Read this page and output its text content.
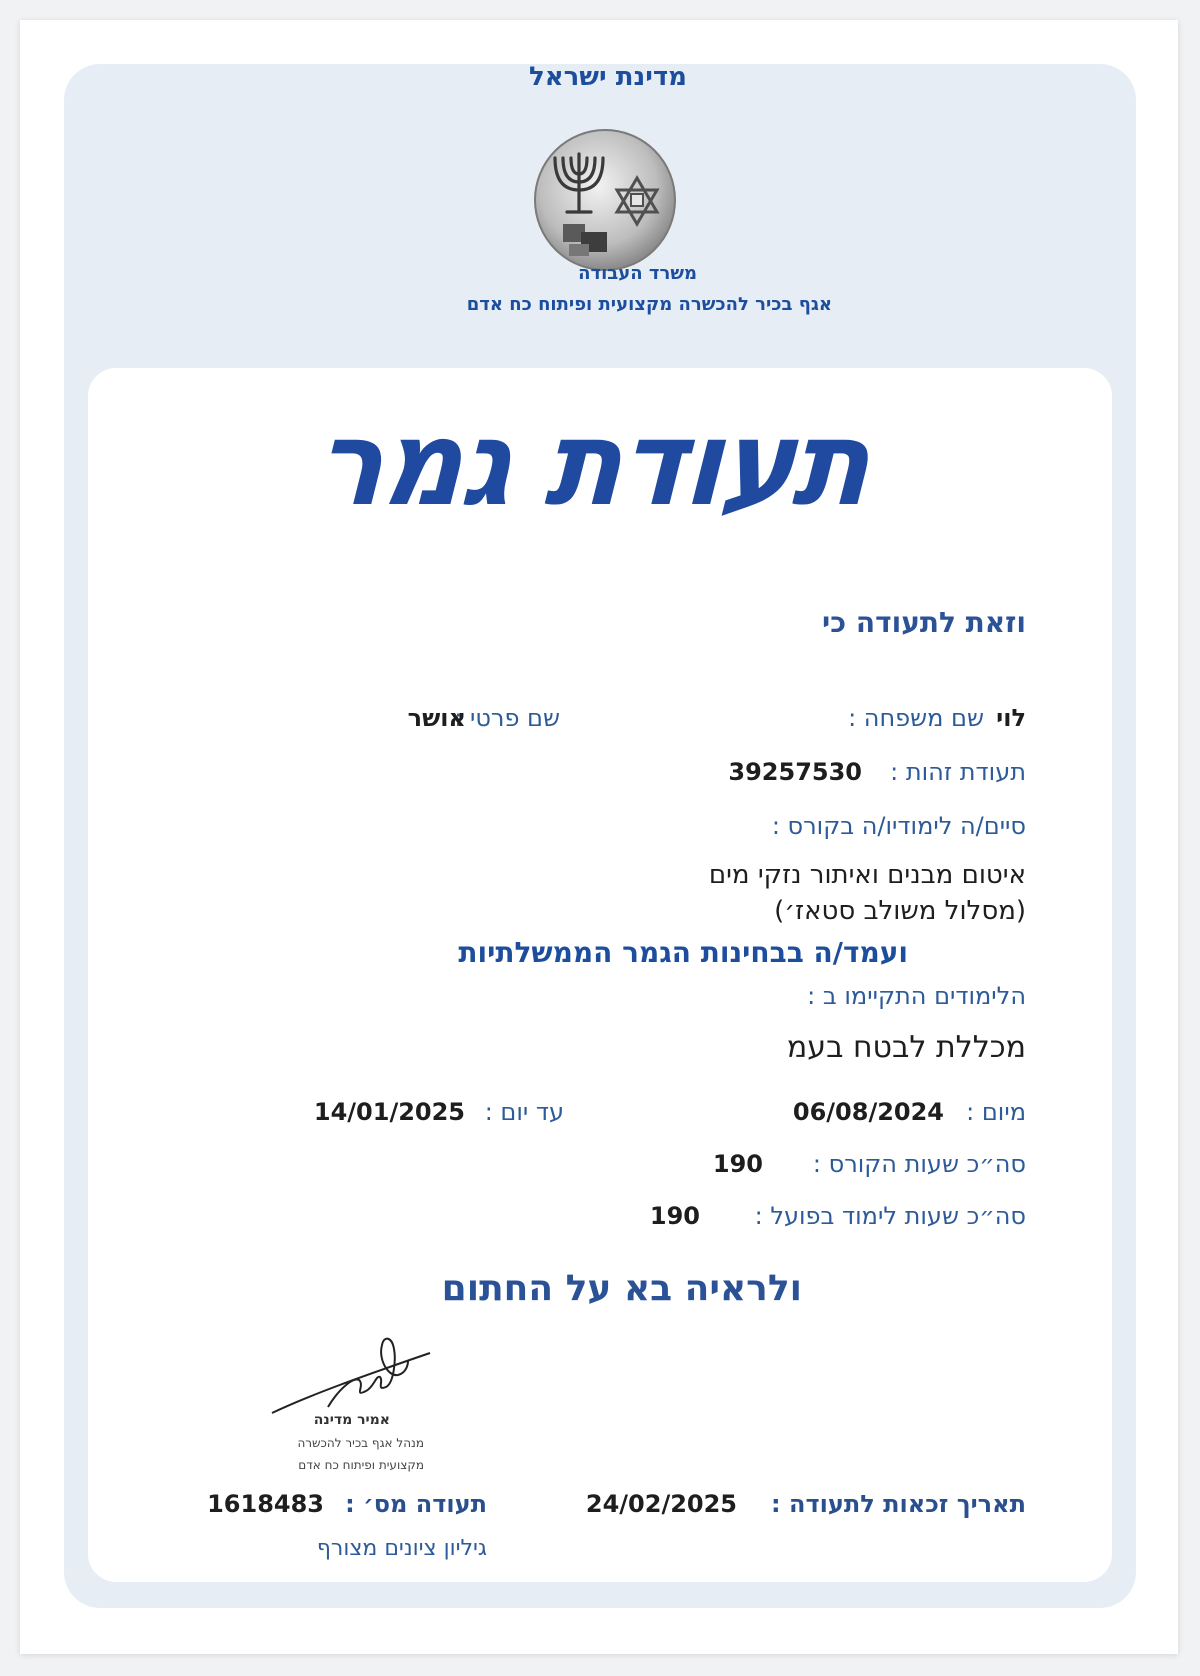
מדינת ישראל
משרד העבודה
אגף בכיר להכשרה מקצועית ופיתוח כח אדם
תעודת גמר
וזאת לתעודה כי
שם משפחה : לוי
שם פרטי :
אושר
תעודת זהות :
39257530
סיים/ה לימודיו/ה בקורס :
איטום מבנים ואיתור נזקי מים
(מסלול משולב סטאז׳)
ועמד/ה בבחינות הגמר הממשלתיות
הלימודים התקיימו ב :
מכללת לבטח בעמ
מיום :
06/08/2024
עד יום :
14/01/2025
סה״כ שעות הקורס :
190
סה״כ שעות לימוד בפועל :
190
ולראיה בא על החתום
אמיר מדינה
מנהל אגף בכיר להכשרה
מקצועית ופיתוח כח אדם
תאריך זכאות לתעודה :
24/02/2025
תעודה מס׳ :
1618483
גיליון ציונים מצורף
